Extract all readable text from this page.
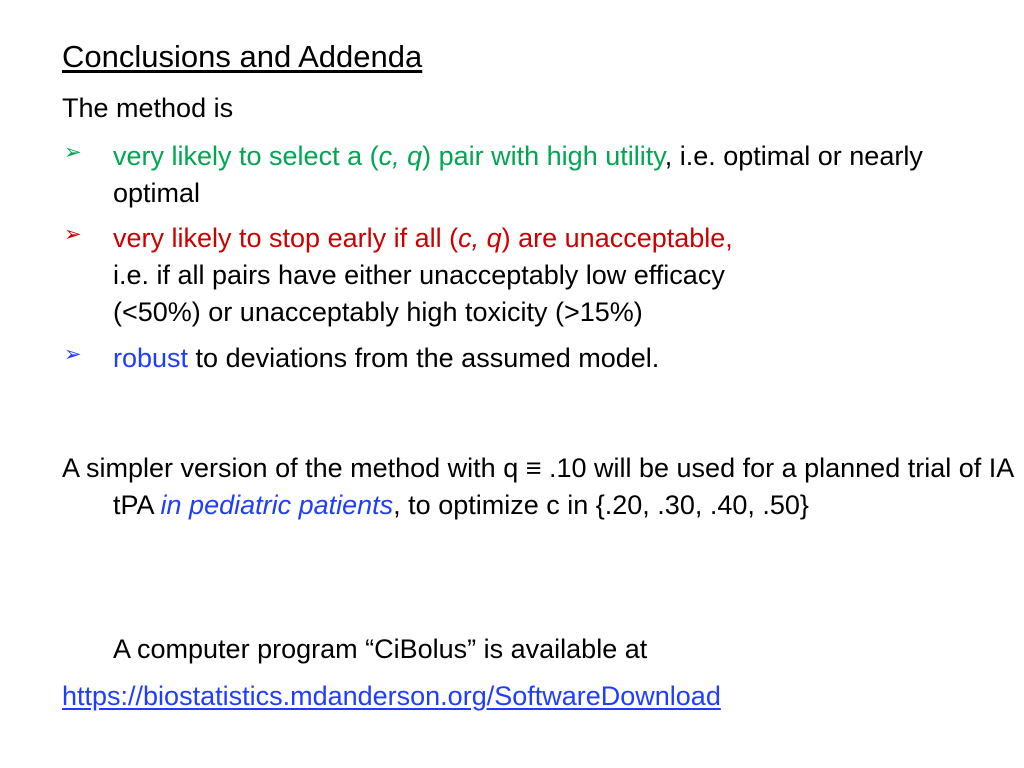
Conclusions and Addenda
The method is
➢ very likely to select a (c, q) pair with high utility, i.e. optimal or nearly optimal
➢ very likely to stop early if all (c, q) are unacceptable,
i.e. if all pairs have either unacceptably low efficacy
(<50%) or unacceptably high toxicity (>15%)
➢ robust to deviations from the assumed model.
A simpler version of the method with q ≡ .10 will be used for a planned trial of IA tPA in pediatric patients, to optimize c in {.20, .30, .40, .50}
A computer program “CiBolus” is available at
https://biostatistics.mdanderson.org/SoftwareDownload
